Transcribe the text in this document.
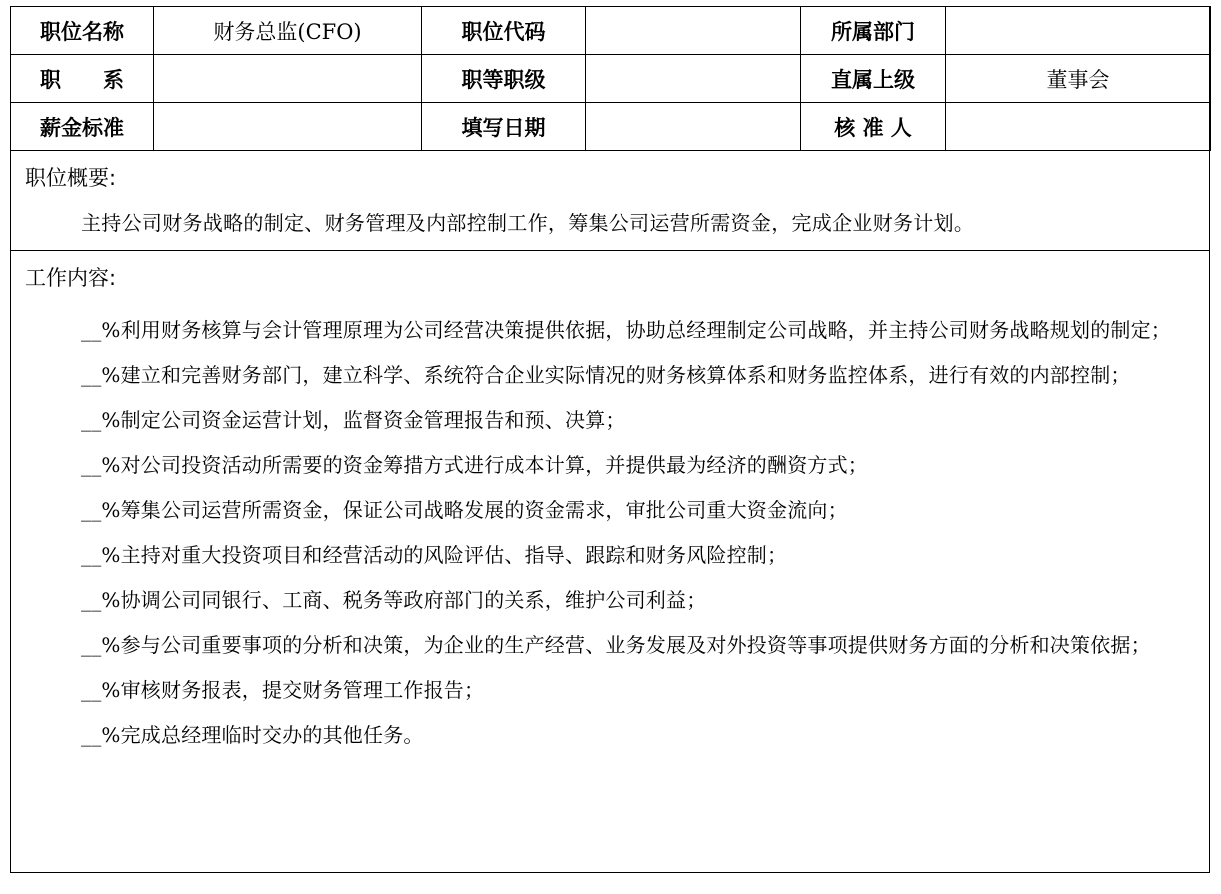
职位名称	财务总监(CFO)	职位代码		所属部门	
职　　系		职等职级		直属上级	董事会
薪金标准		填写日期		核 准 人	
职位概要:
主持公司财务战略的制定、财务管理及内部控制工作，筹集公司运营所需资金，完成企业财务计划。
工作内容:
__%利用财务核算与会计管理原理为公司经营决策提供依据，协助总经理制定公司战略，并主持公司财务战略规划的制定；
__%建立和完善财务部门，建立科学、系统符合企业实际情况的财务核算体系和财务监控体系，进行有效的内部控制；
__%制定公司资金运营计划，监督资金管理报告和预、决算；
__%对公司投资活动所需要的资金筹措方式进行成本计算，并提供最为经济的酬资方式；
__%筹集公司运营所需资金，保证公司战略发展的资金需求，审批公司重大资金流向；
__%主持对重大投资项目和经营活动的风险评估、指导、跟踪和财务风险控制；
__%协调公司同银行、工商、税务等政府部门的关系，维护公司利益；
__%参与公司重要事项的分析和决策，为企业的生产经营、业务发展及对外投资等事项提供财务方面的分析和决策依据；
__%审核财务报表，提交财务管理工作报告；
__%完成总经理临时交办的其他任务。
